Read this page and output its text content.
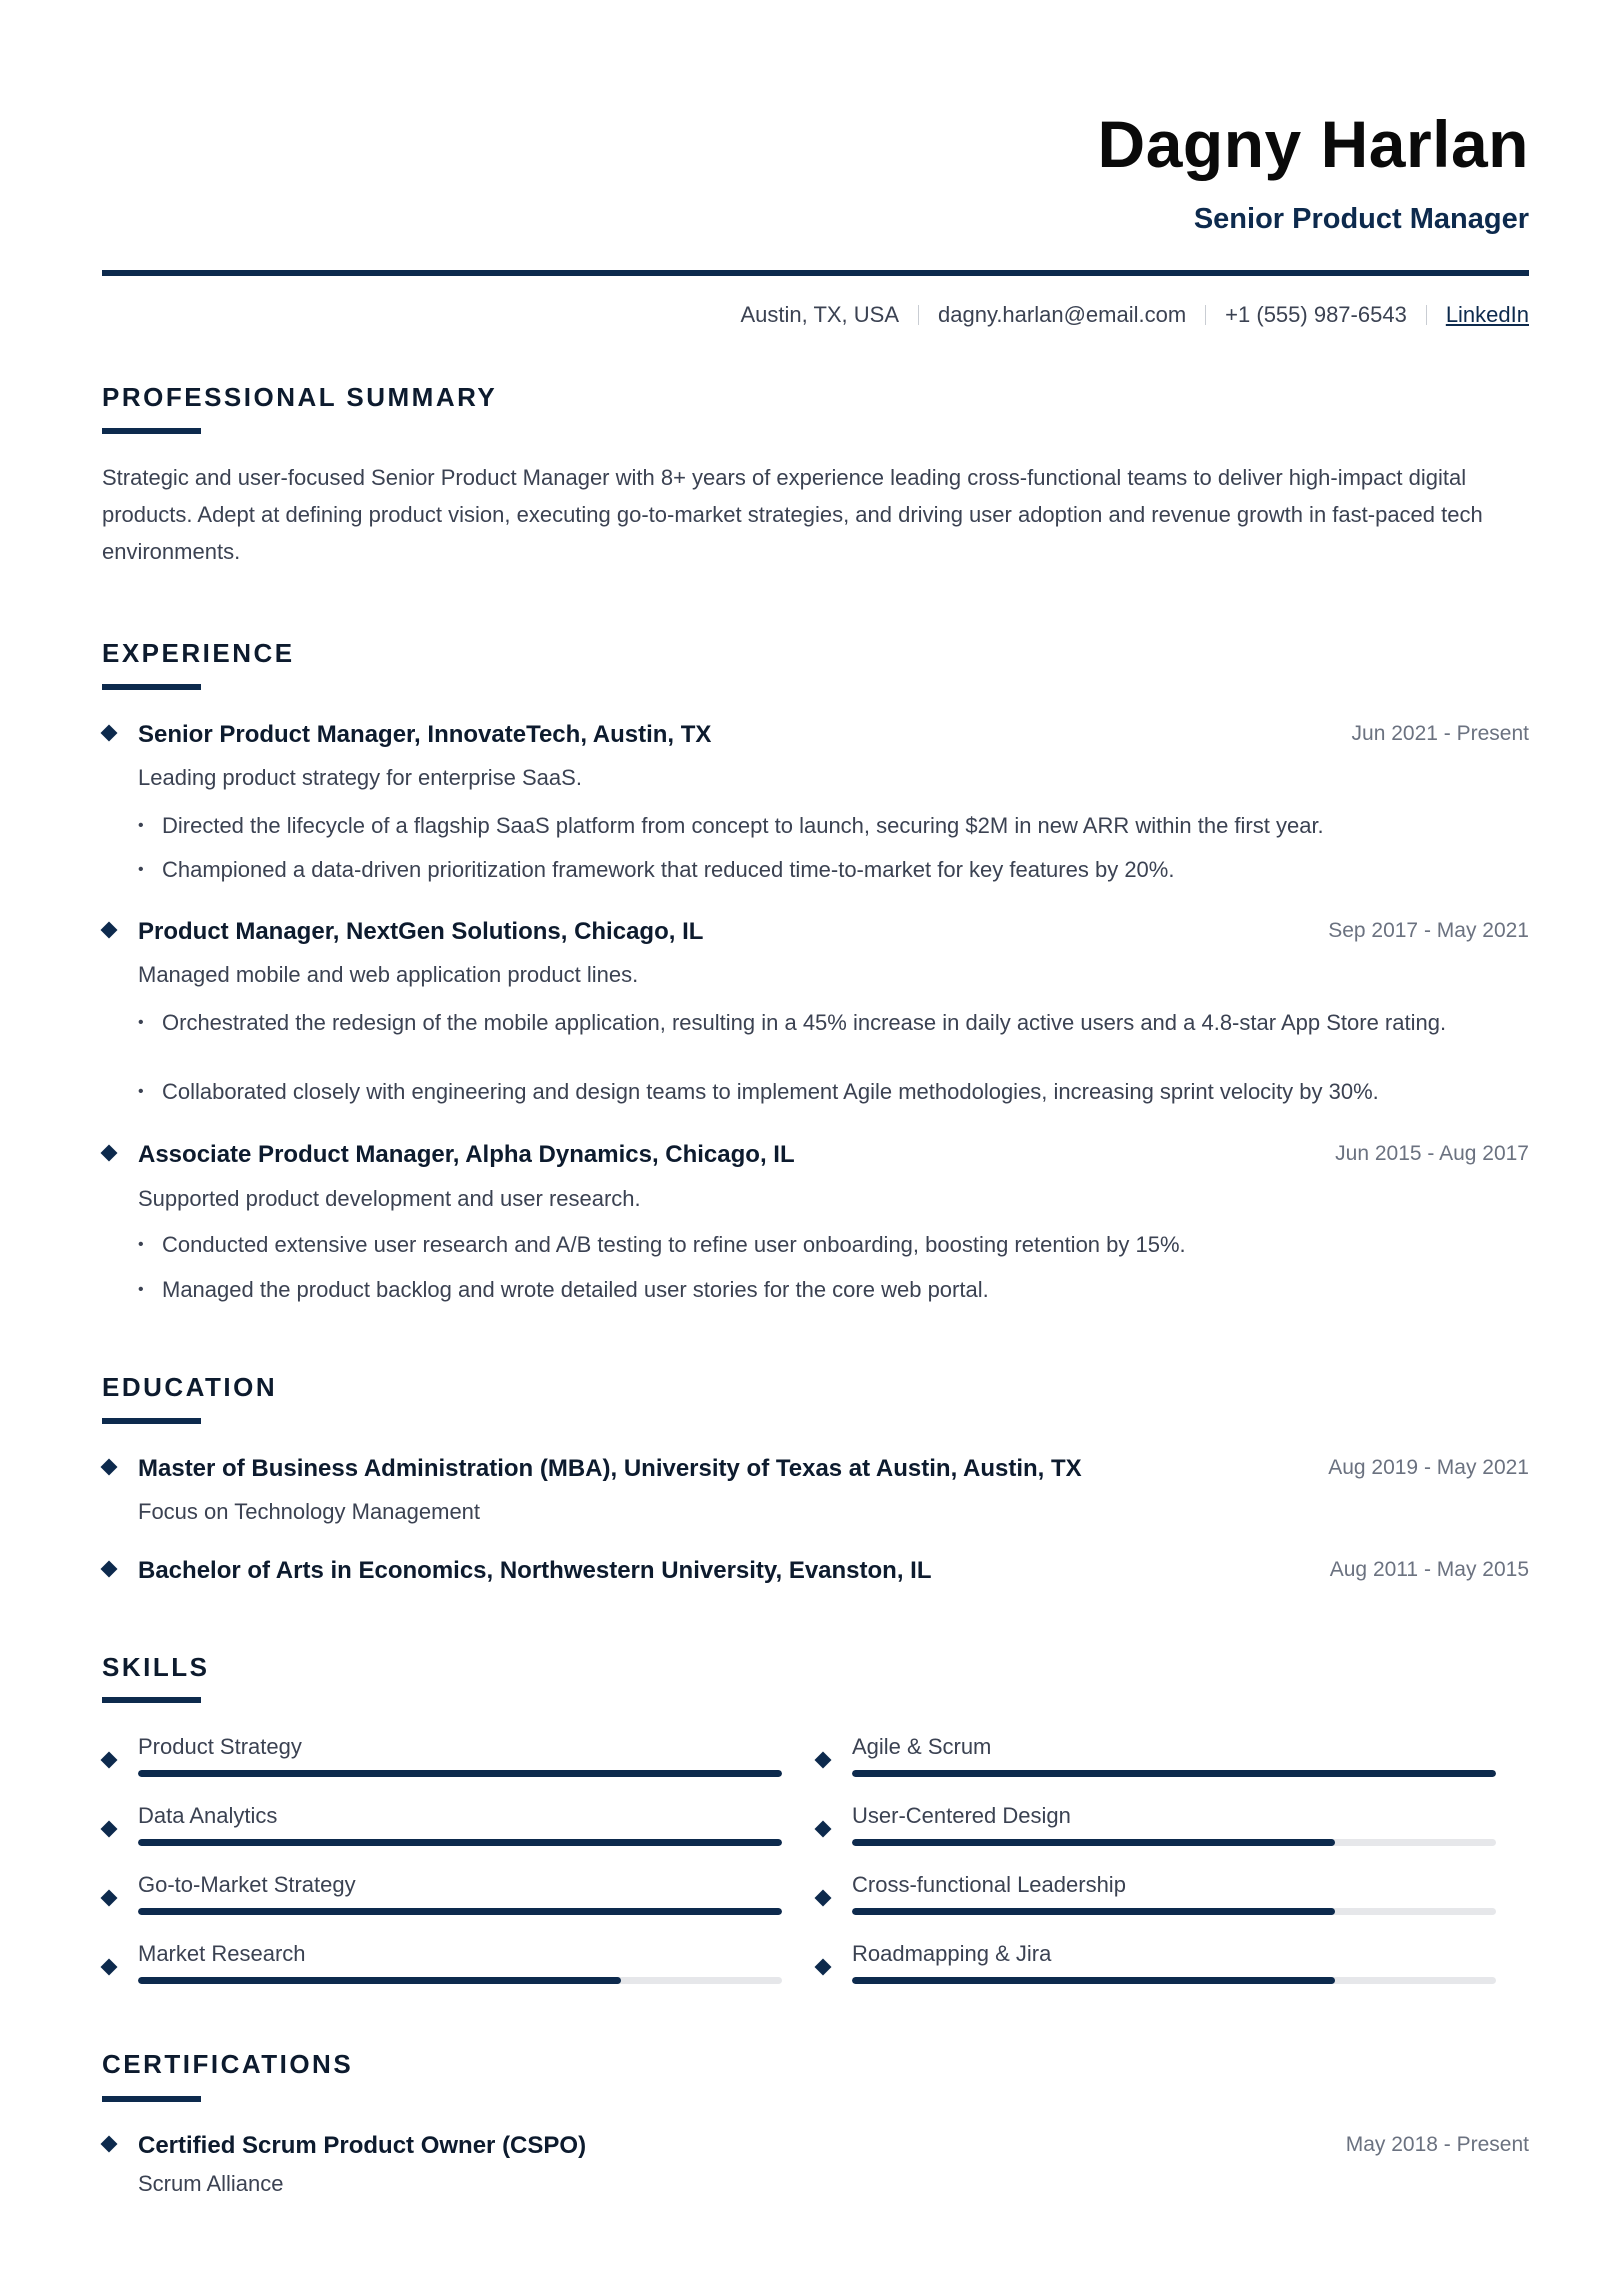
Dagny Harlan
Senior Product Manager
Austin, TX, USA dagny.harlan@email.com +1 (555) 987-6543 LinkedIn
PROFESSIONAL SUMMARY
Strategic and user-focused Senior Product Manager with 8+ years of experience leading cross-functional teams to deliver high-impact digital products. Adept at defining product vision, executing go-to-market strategies, and driving user adoption and revenue growth in fast-paced tech environments.
EXPERIENCE
Senior Product Manager, InnovateTech, Austin, TX	Jun 2021 - Present
Leading product strategy for enterprise SaaS.
• Directed the lifecycle of a flagship SaaS platform from concept to launch, securing $2M in new ARR within the first year.
• Championed a data-driven prioritization framework that reduced time-to-market for key features by 20%.
Product Manager, NextGen Solutions, Chicago, IL	Sep 2017 - May 2021
Managed mobile and web application product lines.
• Orchestrated the redesign of the mobile application, resulting in a 45% increase in daily active users and a 4.8-star App Store rating.
• Collaborated closely with engineering and design teams to implement Agile methodologies, increasing sprint velocity by 30%.
Associate Product Manager, Alpha Dynamics, Chicago, IL	Jun 2015 - Aug 2017
Supported product development and user research.
• Conducted extensive user research and A/B testing to refine user onboarding, boosting retention by 15%.
• Managed the product backlog and wrote detailed user stories for the core web portal.
EDUCATION
Master of Business Administration (MBA), University of Texas at Austin, Austin, TX	Aug 2019 - May 2021
Focus on Technology Management
Bachelor of Arts in Economics, Northwestern University, Evanston, IL	Aug 2011 - May 2015
SKILLS
Product Strategy	Agile & Scrum
Data Analytics	User-Centered Design
Go-to-Market Strategy	Cross-functional Leadership
Market Research	Roadmapping & Jira
CERTIFICATIONS
Certified Scrum Product Owner (CSPO)	May 2018 - Present
Scrum Alliance
